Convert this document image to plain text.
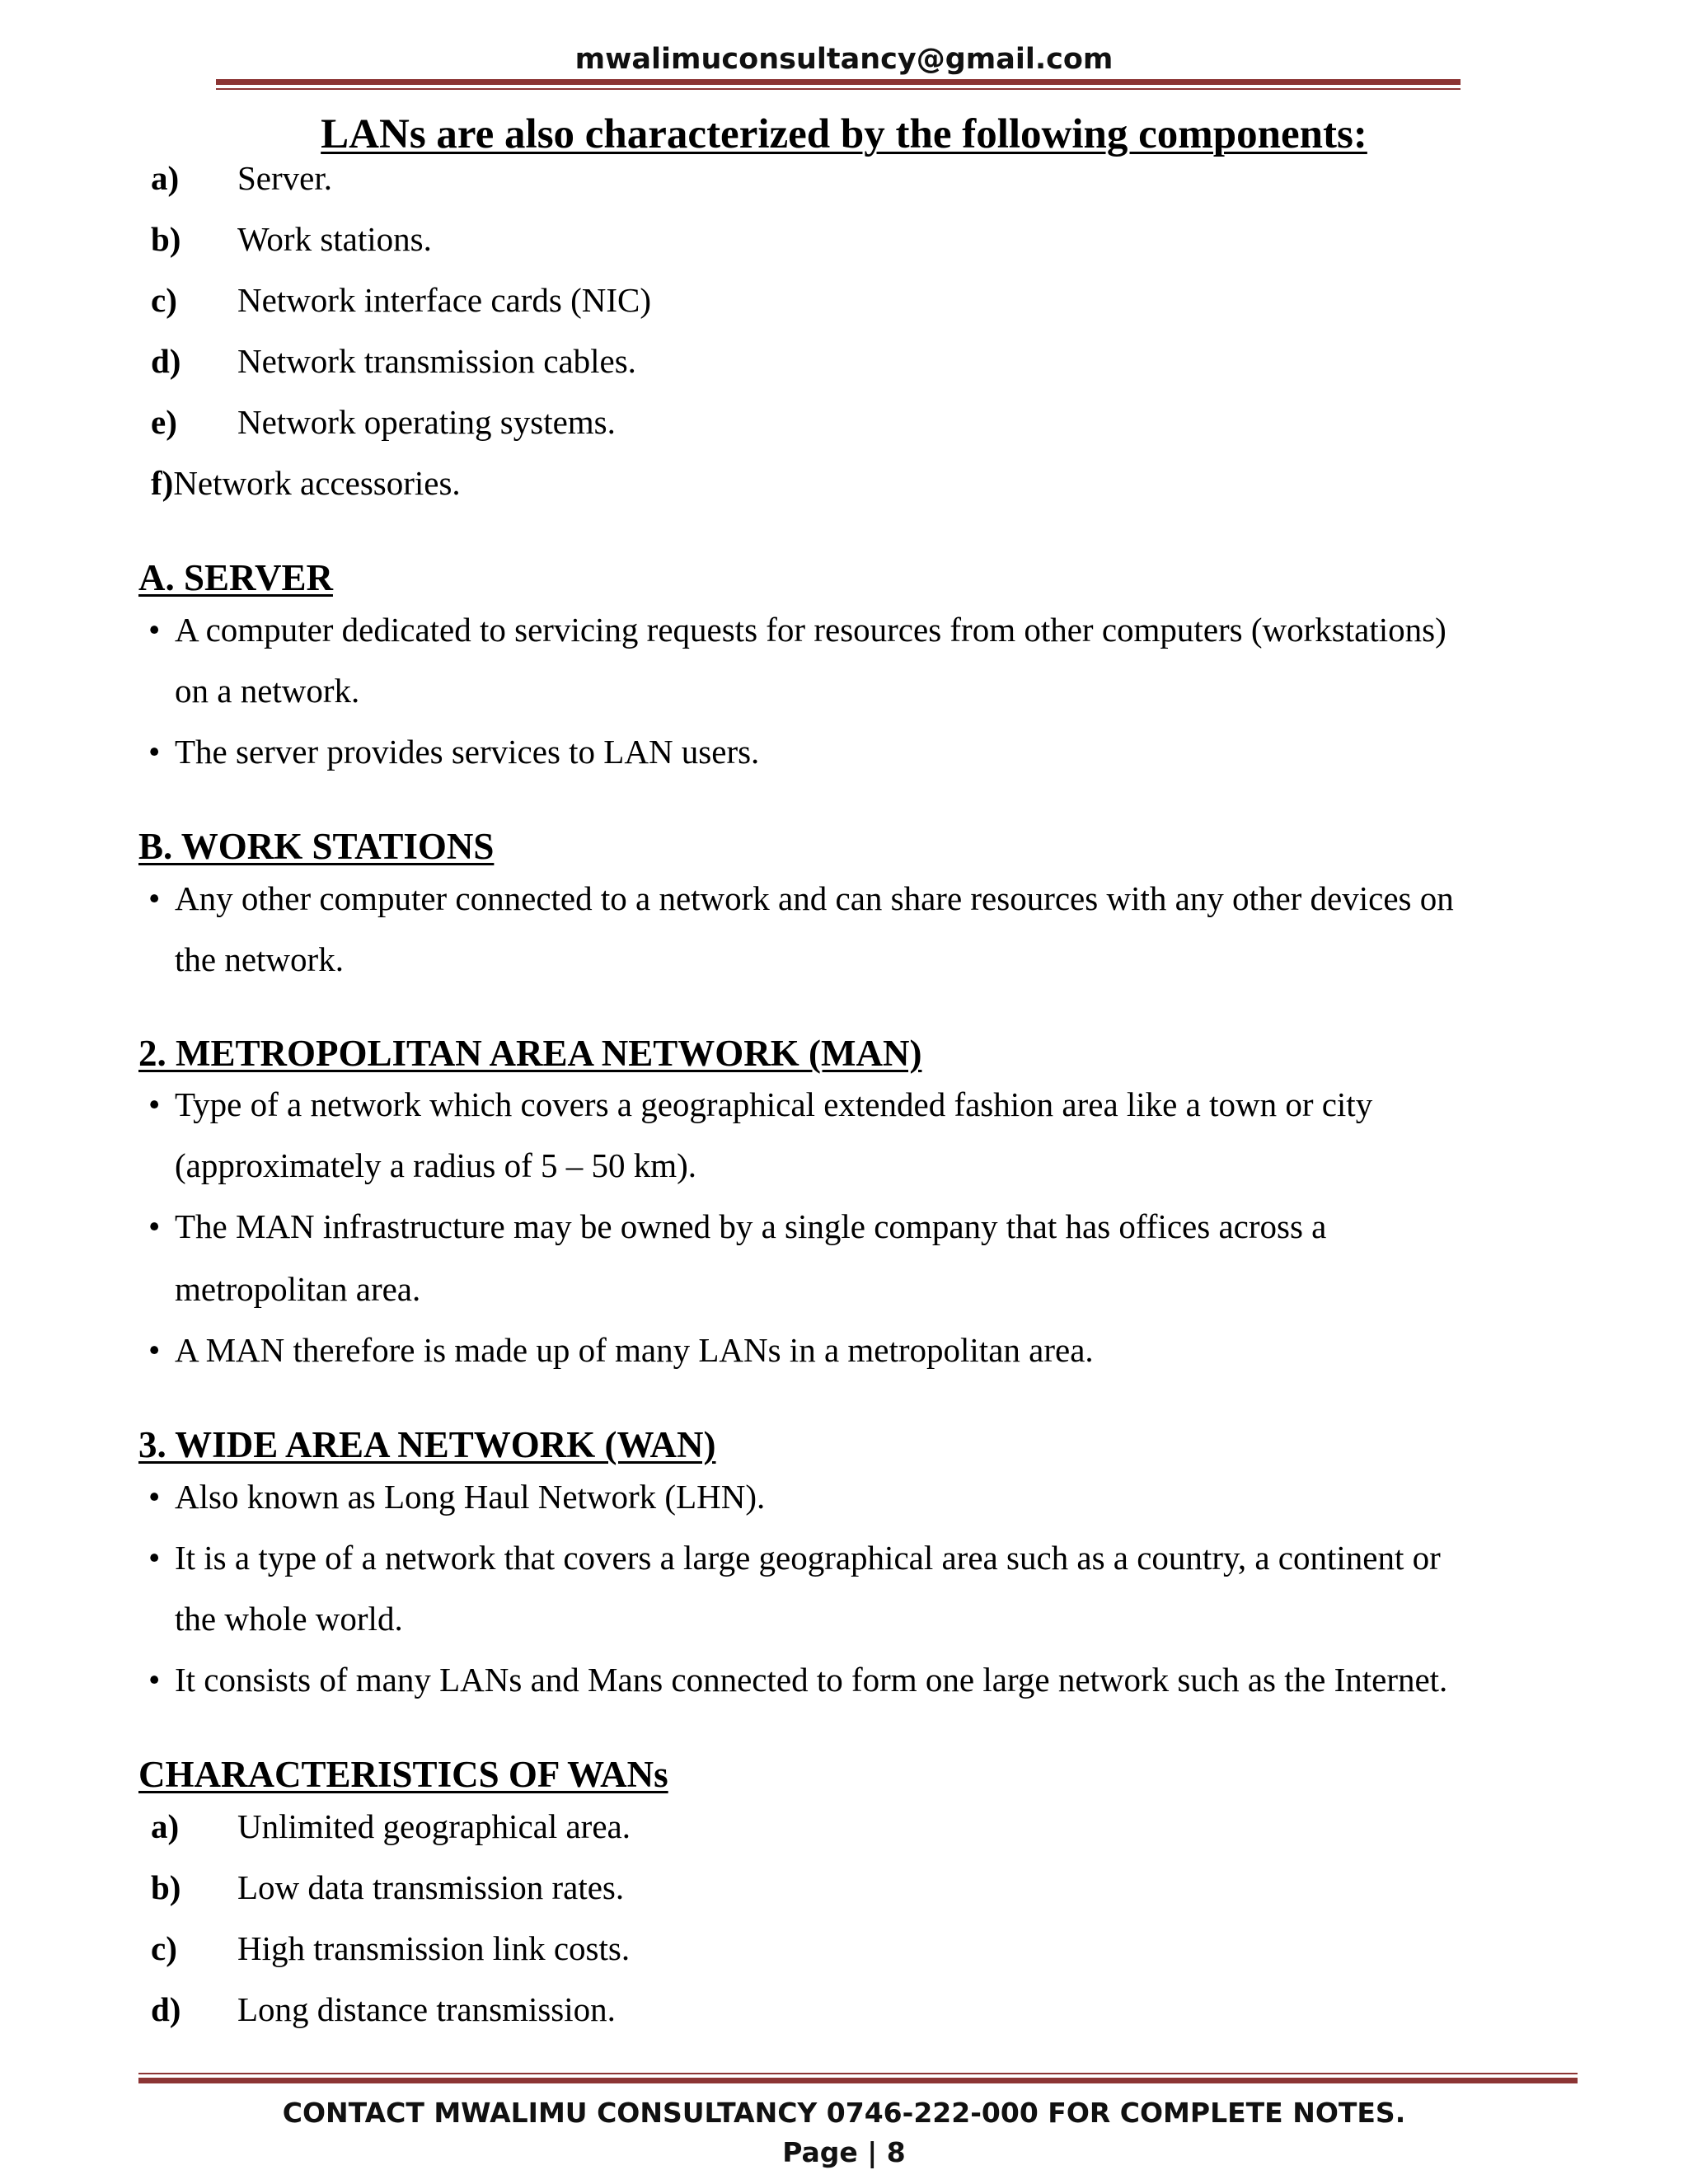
mwalimuconsultancy@gmail.com
LANs are also characterized by the following components:
a) Server.
b) Work stations.
c) Network interface cards (NIC)
d) Network transmission cables.
e) Network operating systems.
f)Network accessories.
A. SERVER
• A computer dedicated to servicing requests for resources from other computers (workstations)
on a network.
• The server provides services to LAN users.
B. WORK STATIONS
• Any other computer connected to a network and can share resources with any other devices on
the network.
2. METROPOLITAN AREA NETWORK (MAN)
• Type of a network which covers a geographical extended fashion area like a town or city
(approximately a radius of 5 – 50 km).
• The MAN infrastructure may be owned by a single company that has offices across a
metropolitan area.
• A MAN therefore is made up of many LANs in a metropolitan area.
3. WIDE AREA NETWORK (WAN)
• Also known as Long Haul Network (LHN).
• It is a type of a network that covers a large geographical area such as a country, a continent or
the whole world.
• It consists of many LANs and Mans connected to form one large network such as the Internet.
CHARACTERISTICS OF WANs
a) Unlimited geographical area.
b) Low data transmission rates.
c) High transmission link costs.
d) Long distance transmission.
CONTACT MWALIMU CONSULTANCY 0746-222-000 FOR COMPLETE NOTES.
Page | 8
